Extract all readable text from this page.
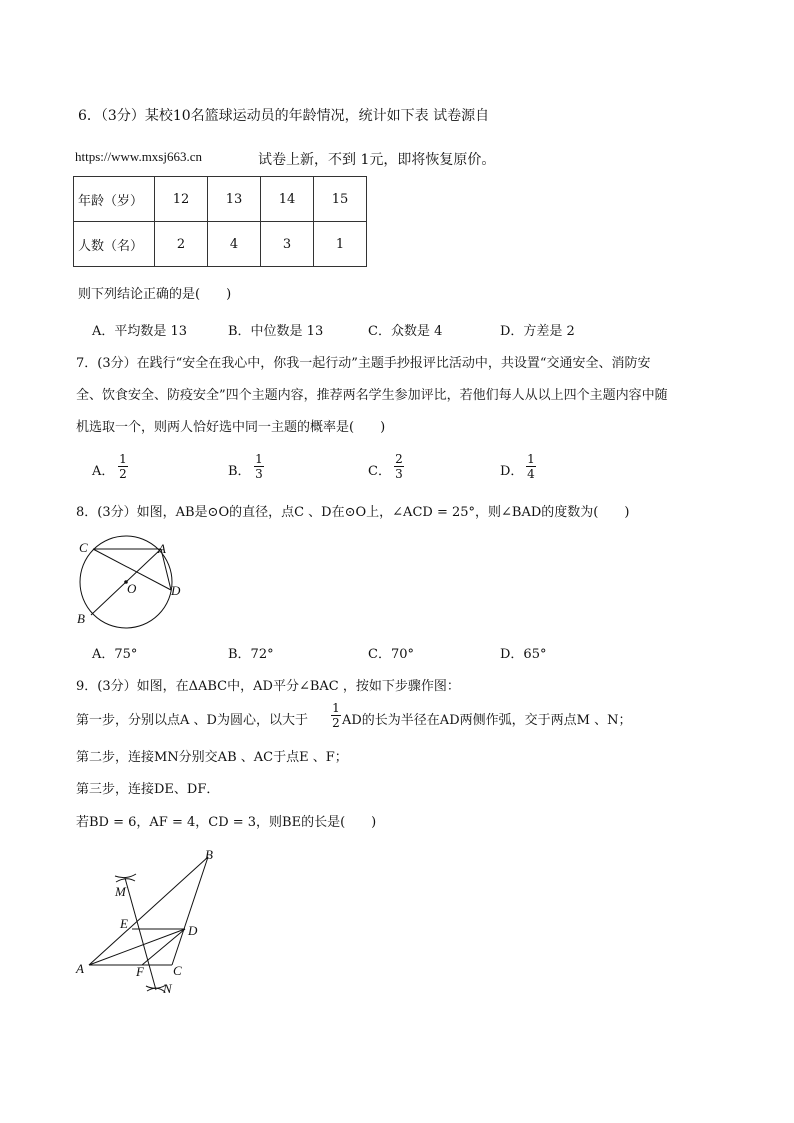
6．（3分）某校10名篮球运动员的年龄情况，统计如下表 试卷源自
https://www.mxsj663.cn	试卷上新，不到 1元，即将恢复原价。
年龄（岁）	12	13	14	15
人数（名）	2	4	3	1
则下列结论正确的是(　　)
A．平均数是 13	B．中位数是 13	C．众数是 4	D．方差是 2
7．(3分）在践行“安全在我心中，你我一起行动”主题手抄报评比活动中，共设置“交通安全、消防安
全、饮食安全、防疫安全”四个主题内容，推荐两名学生参加评比，若他们每人从以上四个主题内容中随
机选取一个，则两人恰好选中同一主题的概率是(　　)
A．
1
2	B．
1
3	C．
2
3	D．
1
4
8．(3分）如图，AB是⊙O的直径，点C 、D在⊙O上，∠ACD = 25°，则∠BAD的度数为(　　)
C	A
O	D
B
A．75°	B．72°	C．70°	D．65°
9．(3分）如图，在ΔABC中，AD平分∠BAC ，按如下步骤作图：
第一步，分别以点A 、D为圆心，以大于
1
2 AD的长为半径在AD两侧作弧，交于两点M 、N；
第二步，连接MN分别交AB 、AC于点E 、F；
第三步，连接DE、DF．
若BD = 6，AF = 4，CD = 3，则BE的长是(　　)
B
M
E	D
A	F C
N
